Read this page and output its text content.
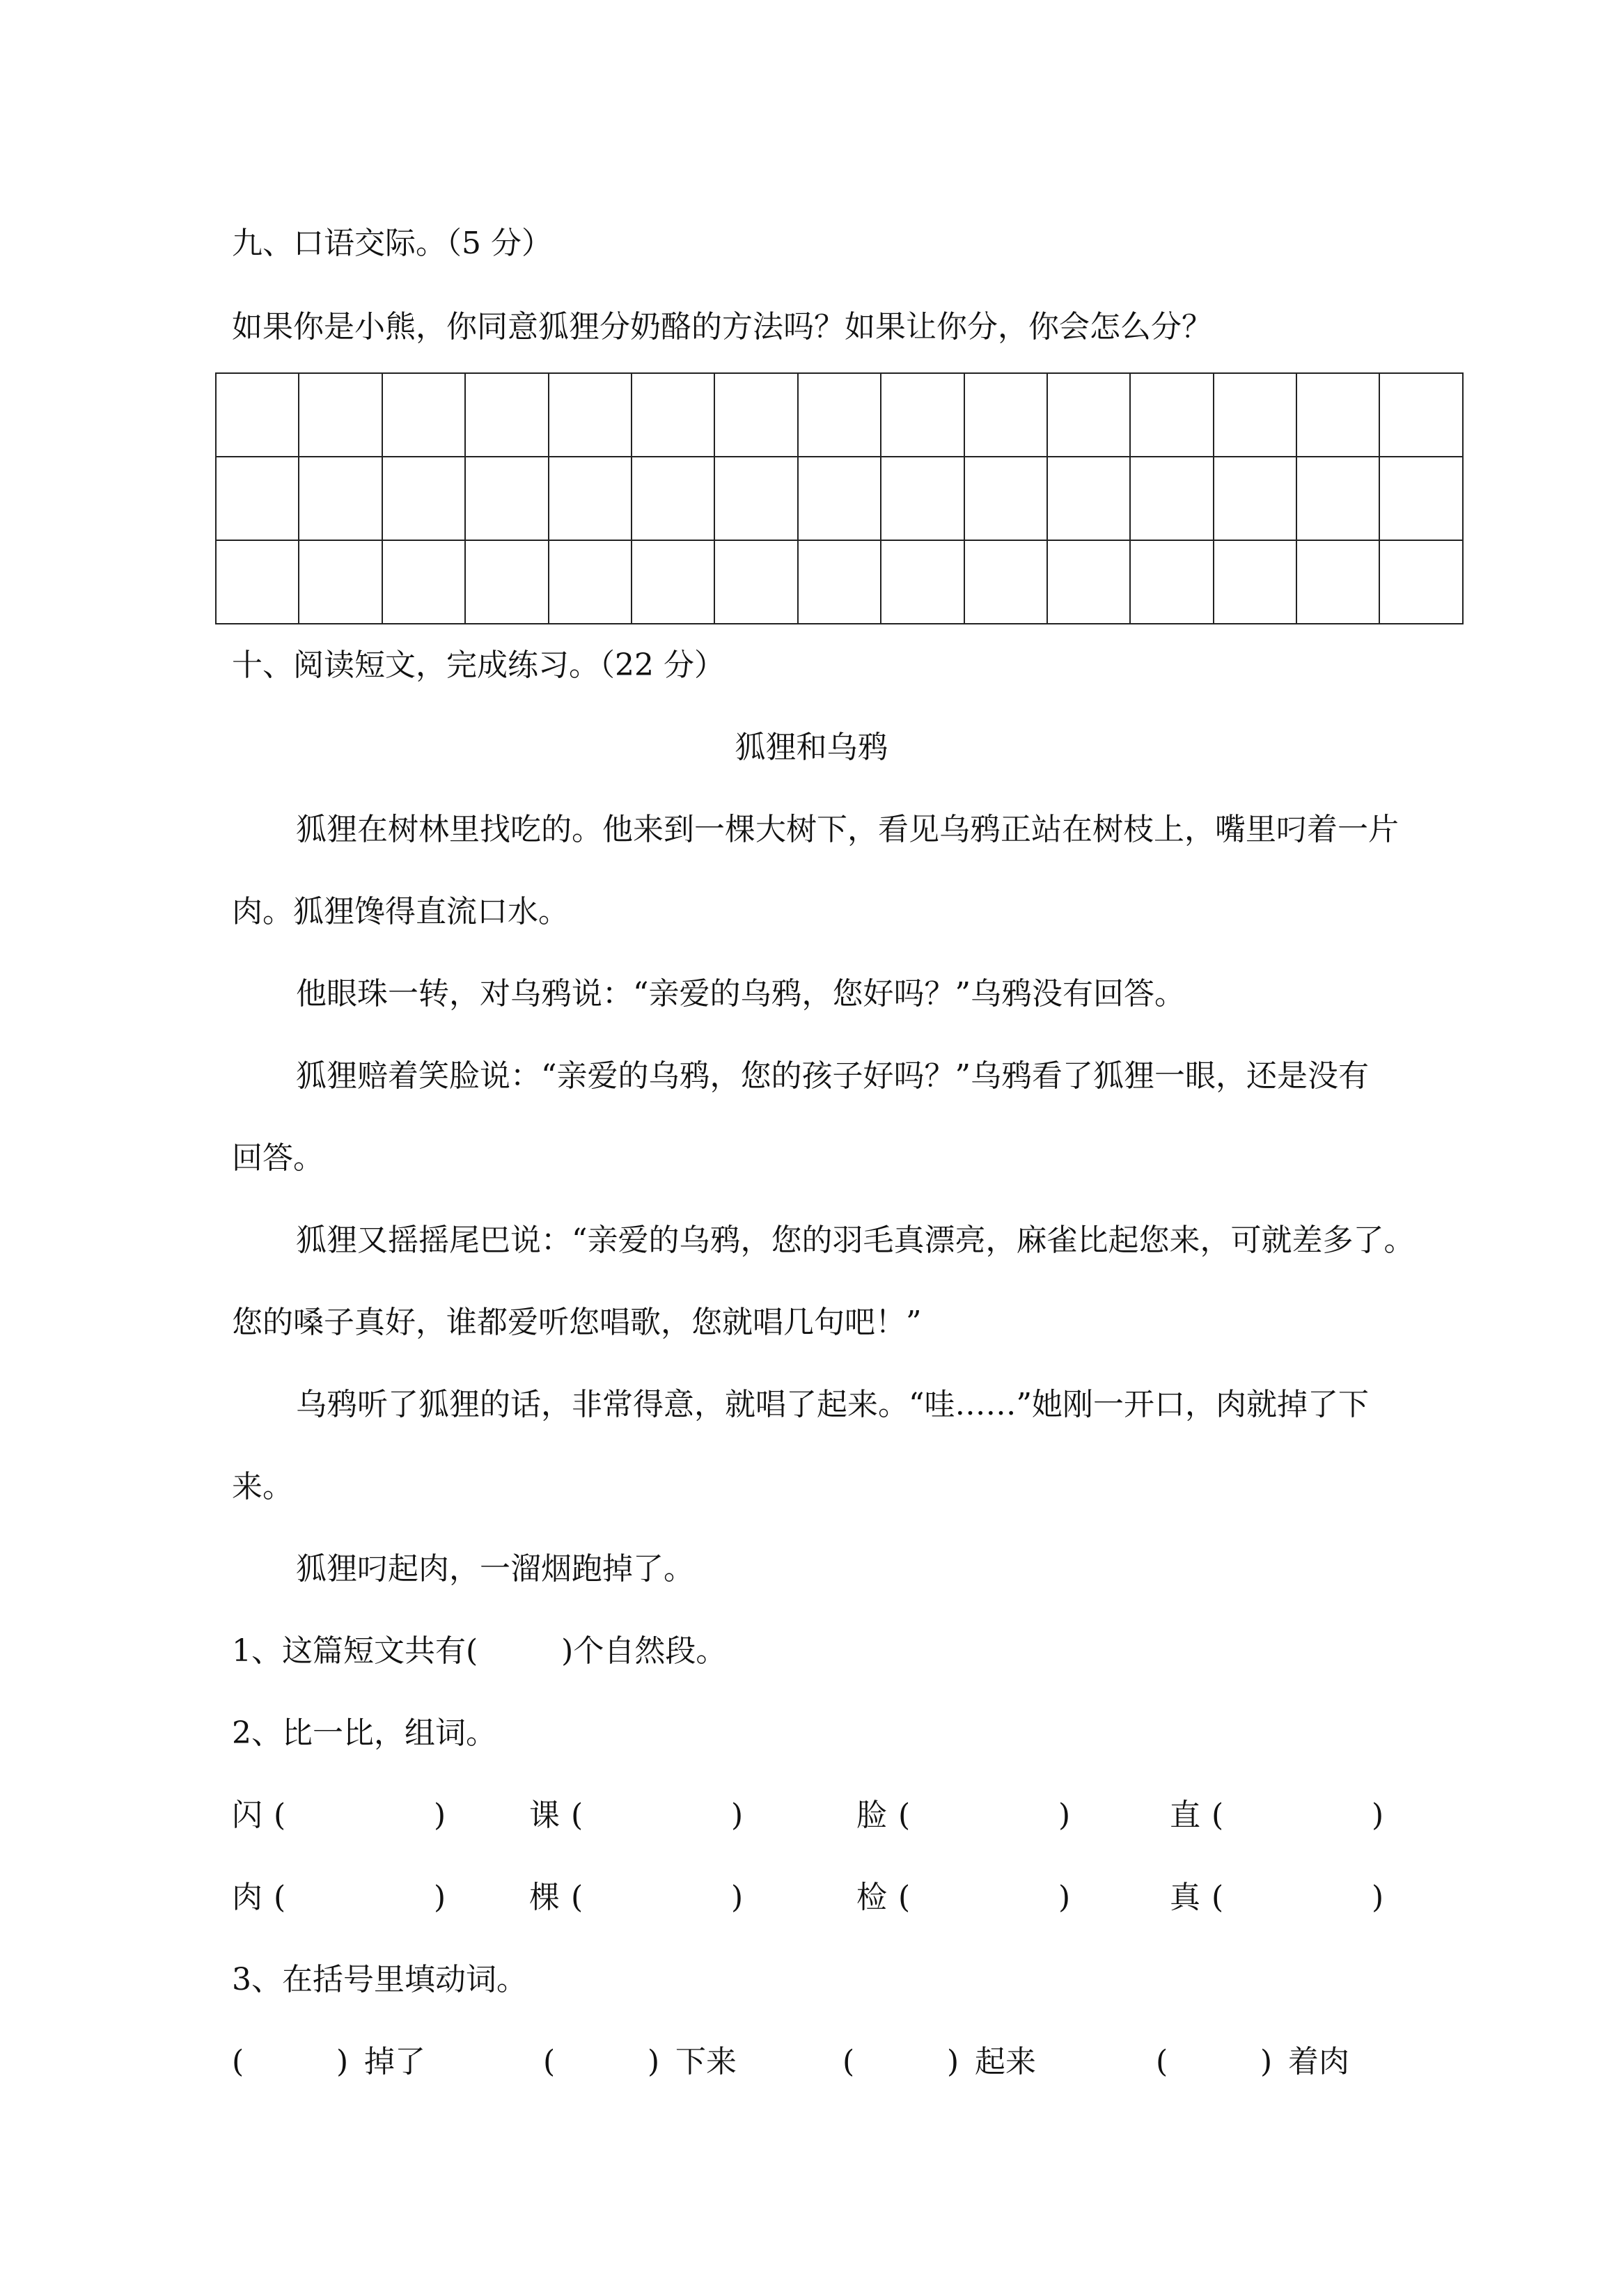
九、口语交际。（5 分）
如果你是小熊，你同意狐狸分奶酪的方法吗？如果让你分，你会怎么分？

十、阅读短文，完成练习。（22 分）
狐狸和乌鸦
狐狸在树林里找吃的。他来到一棵大树下，看见乌鸦正站在树枝上，嘴里叼着一片
肉。狐狸馋得直流口水。
他眼珠一转，对乌鸦说：“亲爱的乌鸦，您好吗？”乌鸦没有回答。
狐狸赔着笑脸说：“亲爱的乌鸦，您的孩子好吗？”乌鸦看了狐狸一眼，还是没有
回答。
狐狸又摇摇尾巴说：“亲爱的乌鸦，您的羽毛真漂亮，麻雀比起您来，可就差多了。
您的嗓子真好，谁都爱听您唱歌，您就唱几句吧！”
乌鸦听了狐狸的话，非常得意，就唱了起来。“哇……”她刚一开口，肉就掉了下
来。
狐狸叼起肉，一溜烟跑掉了。
1、这篇短文共有(	)个自然段。
2、比一比，组词。
闪 (	)	课 (	)	脸 (	)	直 (	)
肉 (	)	棵 (	)	检 (	)	真 (	)
3、在括号里填动词。
(	) 掉了	(	) 下来	(	) 起来	(	) 着肉
